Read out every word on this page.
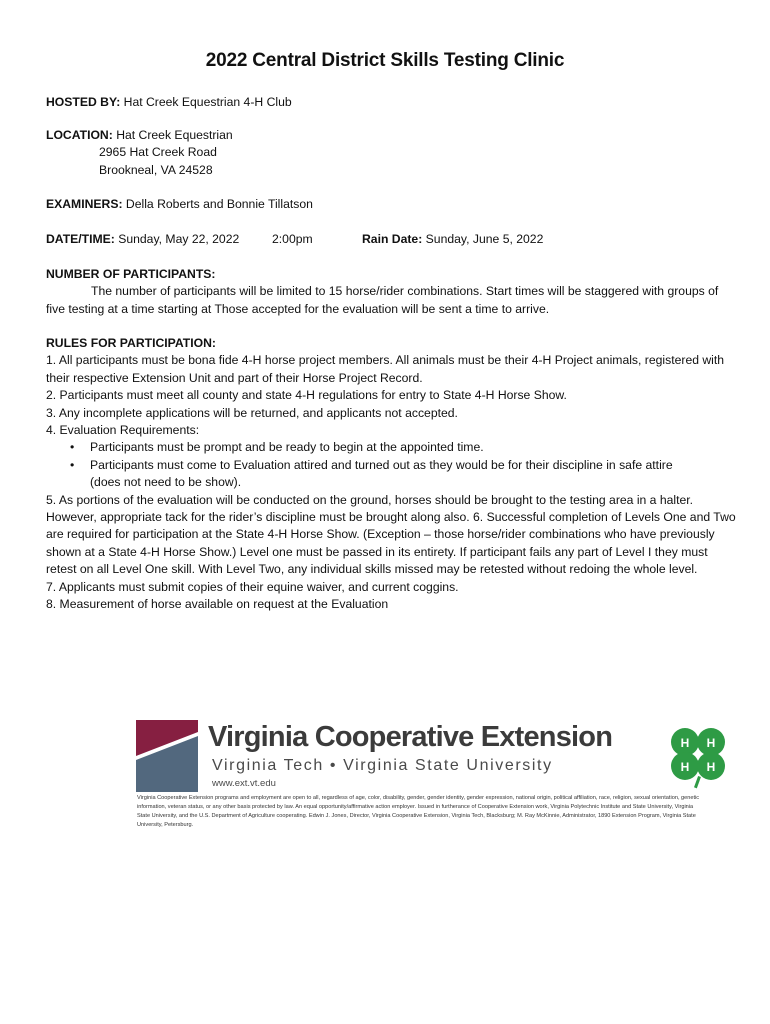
2022 Central District Skills Testing Clinic
HOSTED BY: Hat Creek Equestrian 4-H Club
LOCATION: Hat Creek Equestrian
2965 Hat Creek Road
Brookneal, VA 24528
EXAMINERS: Della Roberts and Bonnie Tillatson
DATE/TIME: Sunday, May 22, 2022	2:00pm	Rain Date: Sunday, June 5, 2022
NUMBER OF PARTICIPANTS:
The number of participants will be limited to 15 horse/rider combinations. Start times will be staggered with groups of five testing at a time starting at Those accepted for the evaluation will be sent a time to arrive.
RULES FOR PARTICIPATION:
1. All participants must be bona fide 4-H horse project members. All animals must be their 4-H Project animals, registered with their respective Extension Unit and part of their Horse Project Record.
2. Participants must meet all county and state 4-H regulations for entry to State 4-H Horse Show.
3. Any incomplete applications will be returned, and applicants not accepted.
4. Evaluation Requirements:
• Participants must be prompt and be ready to begin at the appointed time.
• Participants must come to Evaluation attired and turned out as they would be for their discipline in safe attire
(does not need to be show).
5. As portions of the evaluation will be conducted on the ground, horses should be brought to the testing area in a halter. However, appropriate tack for the rider’s discipline must be brought along also. 6. Successful completion of Levels One and Two are required for participation at the State 4-H Horse Show. (Exception – those horse/rider combinations who have previously shown at a State 4-H Horse Show.) Level one must be passed in its entirety. If participant fails any part of Level I they must retest on all Level One skill. With Level Two, any individual skills missed may be retested without redoing the whole level.
7. Applicants must submit copies of their equine waiver, and current coggins.
8. Measurement of horse available on request at the Evaluation
Virginia Cooperative Extension
Virginia Tech • Virginia State University
www.ext.vt.edu
H H
H H
Virginia Cooperative Extension programs and employment are open to all, regardless of age, color, disability, gender, gender identity, gender expression, national origin, political affiliation, race, religion, sexual orientation, genetic information, veteran status, or any other basis protected by law. An equal opportunity/affirmative action employer. Issued in furtherance of Cooperative Extension work, Virginia Polytechnic Institute and State University, Virginia State University, and the U.S. Department of Agriculture cooperating. Edwin J. Jones, Director, Virginia Cooperative Extension, Virginia Tech, Blacksburg; M. Ray McKinnie, Administrator, 1890 Extension Program, Virginia State University, Petersburg.
